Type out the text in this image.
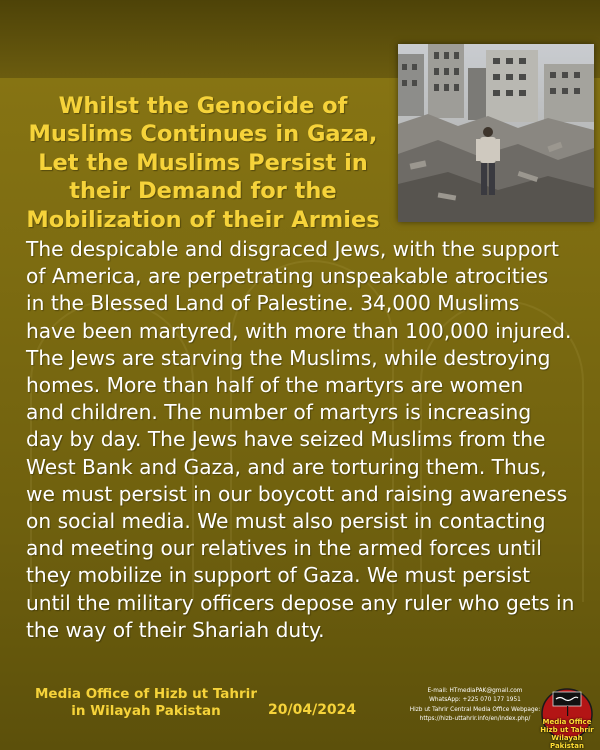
Whilst the Genocide of
Muslims Continues in Gaza,
Let the Muslims Persist in
their Demand for the
Mobilization of their Armies
The despicable and disgraced Jews, with the support
of America, are perpetrating unspeakable atrocities
in the Blessed Land of Palestine. 34,000 Muslims
have been martyred, with more than 100,000 injured.
The Jews are starving the Muslims, while destroying
homes. More than half of the martyrs are women
and children. The number of martyrs is increasing
day by day. The Jews have seized Muslims from the
West Bank and Gaza, and are torturing them. Thus,
we must persist in our boycott and raising awareness
on social media. We must also persist in contacting
and meeting our relatives in the armed forces until
they mobilize in support of Gaza. We must persist
until the military officers depose any ruler who gets in
the way of their Shariah duty.
Media Office of Hizb ut Tahrir
in Wilayah Pakistan	20/04/2024
E-mail: HTmediaPAK@gmail.com
WhatsApp: +225 070 177 1951
Hizb ut Tahrir Central Media Office Webpage:
https://hizb-uttahrir.info/en/index.php/	Media Office
Hizb ut Tahrir
Wilayah Pakistan
